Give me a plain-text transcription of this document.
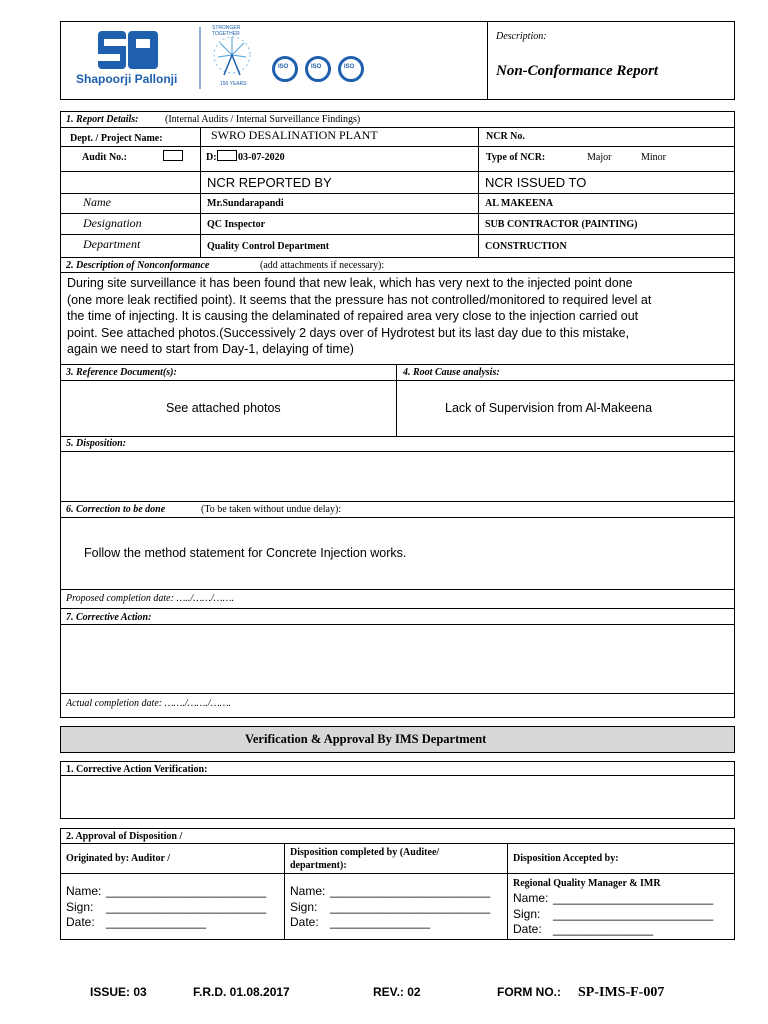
Shapoorji Pallonji
STRONGER TOGETHER
150 YEARS
ISO	ISO	ISO
Description:
Non-Conformance Report
1. Report Details:	(Internal Audits / Internal Surveillance Findings)
Dept. / Project Name:	SWRO DESALINATION PLANT	NCR No.
Audit No.:	D: 03-07-2020	Type of NCR:	Major	Minor
NCR REPORTED BY	NCR ISSUED TO
Name	Mr.Sundarapandi	AL MAKEENA
Designation	QC Inspector	SUB CONTRACTOR (PAINTING)
Department	Quality Control Department	CONSTRUCTION
2. Description of Nonconformance	(add attachments if necessary):
During site surveillance it has been found that new leak, which has very next to the injected point done
(one more leak rectified point). It seems that the pressure has not controlled/monitored to required level at
the time of injecting. It is causing the delaminated of repaired area very close to the injection carried out
point. See attached photos.(Successively 2 days over of Hydrotest but its last day due to this mistake,
again we need to start from Day-1, delaying of time)
3. Reference Document(s):	4. Root Cause analysis:
See attached photos	Lack of Supervision from Al-Makeena
5. Disposition:
6. Correction to be done	(To be taken without undue delay):
Follow the method statement for Concrete Injection works.
Proposed completion date: …../……/…….
7. Corrective Action:
Actual completion date: ……./……./…….
Verification & Approval By IMS Department
1. Corrective Action Verification:
2. Approval of Disposition /
Originated by: Auditor /
Disposition completed by (Auditee/
department):
Disposition Accepted by:
Name: ________________________
Sign: ________________________
Date: _______________
Name: ________________________
Sign: ________________________
Date: _______________
Regional Quality Manager & IMR
Name: ________________________
Sign: ________________________
Date: _______________
ISSUE: 03	F.R.D. 01.08.2017	REV.: 02	FORM NO.: SP-IMS-F-007
